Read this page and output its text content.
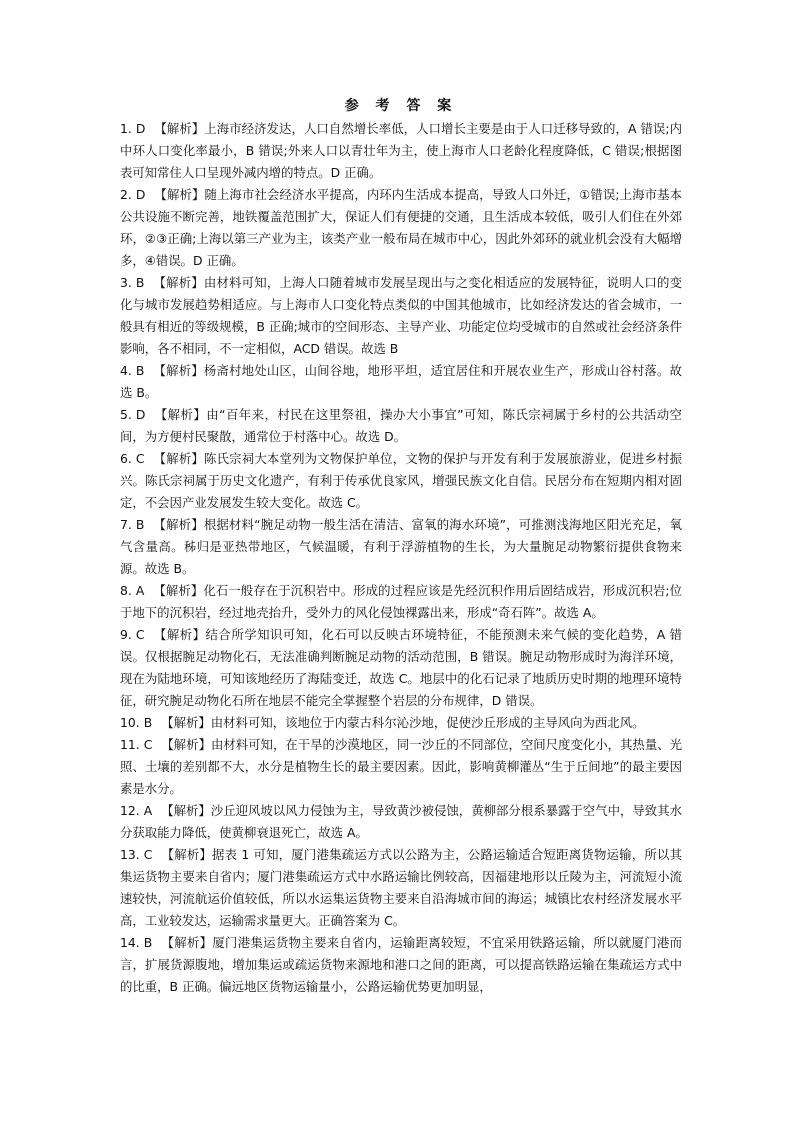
参 考 答 案

1. D 【解析】上海市经济发达，人口自然增长率低，人口增长主要是由于人口迁移导致的，A 错误;内中环人口变化率最小，B 错误;外来人口以青壮年为主，使上海市人口老龄化程度降低，C 错误;根据图表可知常住人口呈现外减内增的特点。D 正确。

2. D 【解析】随上海市社会经济水平提高，内环内生活成本提高，导致人口外迁，①错误;上海市基本公共设施不断完善，地铁覆盖范围扩大，保证人们有便捷的交通，且生活成本较低，吸引人们住在外郊环，②③正确;上海以第三产业为主，该类产业一般布局在城市中心，因此外郊环的就业机会没有大幅增多，④错误。D 正确。

3. B 【解析】由材料可知，上海人口随着城市发展呈现出与之变化相适应的发展特征，说明人口的变化与城市发展趋势相适应。与上海市人口变化特点类似的中国其他城市，比如经济发达的省会城市，一般具有相近的等级规模，B 正确;城市的空间形态、主导产业、功能定位均受城市的自然或社会经济条件影响，各不相同，不一定相似，ACD 错误。故选 B

4. B 【解析】杨斋村地处山区，山间谷地，地形平坦，适宜居住和开展农业生产，形成山谷村落。故选 B。

5. D 【解析】由“百年来，村民在这里祭祖，操办大小事宜”可知，陈氏宗祠属于乡村的公共活动空间，为方便村民聚散，通常位于村落中心。故选 D。

6. C 【解析】陈氏宗祠大本堂列为文物保护单位，文物的保护与开发有利于发展旅游业，促进乡村振兴。陈氏宗祠属于历史文化遗产，有利于传承优良家风，增强民族文化自信。民居分布在短期内相对固定，不会因产业发展发生较大变化。故选 C。

7. B 【解析】根据材料“腕足动物一般生活在清洁、富氧的海水环境”，可推测浅海地区阳光充足，氧气含量高。秭归是亚热带地区，气候温暖，有利于浮游植物的生长，为大量腕足动物繁衍提供食物来源。故选 B。

8. A 【解析】化石一般存在于沉积岩中。形成的过程应该是先经沉积作用后固结成岩，形成沉积岩;位于地下的沉积岩，经过地壳抬升，受外力的风化侵蚀裸露出来，形成“奇石阵”。故选 A。

9. C 【解析】结合所学知识可知，化石可以反映古环境特征，不能预测未来气候的变化趋势，A 错误。仅根据腕足动物化石，无法准确判断腕足动物的活动范围，B 错误。腕足动物形成时为海洋环境，现在为陆地环境，可知该地经历了海陆变迁，故选 C。地层中的化石记录了地质历史时期的地理环境特征，研究腕足动物化石所在地层不能完全掌握整个岩层的分布规律，D 错误。

10. B 【解析】由材料可知，该地位于内蒙古科尔沁沙地，促使沙丘形成的主导风向为西北风。

11. C 【解析】由材料可知，在干旱的沙漠地区，同一沙丘的不同部位，空间尺度变化小，其热量、光照、土壤的差别都不大，水分是植物生长的最主要因素。因此，影响黄柳灌丛“生于丘间地”的最主要因素是水分。

12. A 【解析】沙丘迎风坡以风力侵蚀为主，导致黄沙被侵蚀，黄柳部分根系暴露于空气中，导致其水分获取能力降低，使黄柳衰退死亡，故选 A。

13. C 【解析】据表 1 可知，厦门港集疏运方式以公路为主，公路运输适合短距离货物运输，所以其集运货物主要来自省内；厦门港集疏运方式中水路运输比例较高，因福建地形以丘陵为主，河流短小流速较快，河流航运价值较低，所以水运集运货物主要来自沿海城市间的海运；城镇比农村经济发展水平高，工业较发达，运输需求量更大。正确答案为 C。

14. B 【解析】厦门港集运货物主要来自省内，运输距离较短，不宜采用铁路运输，所以就厦门港而言，扩展货源腹地，增加集运或疏运货物来源地和港口之间的距离，可以提高铁路运输在集疏运方式中的比重，B 正确。偏远地区货物运输量小，公路运输优势更加明显，
